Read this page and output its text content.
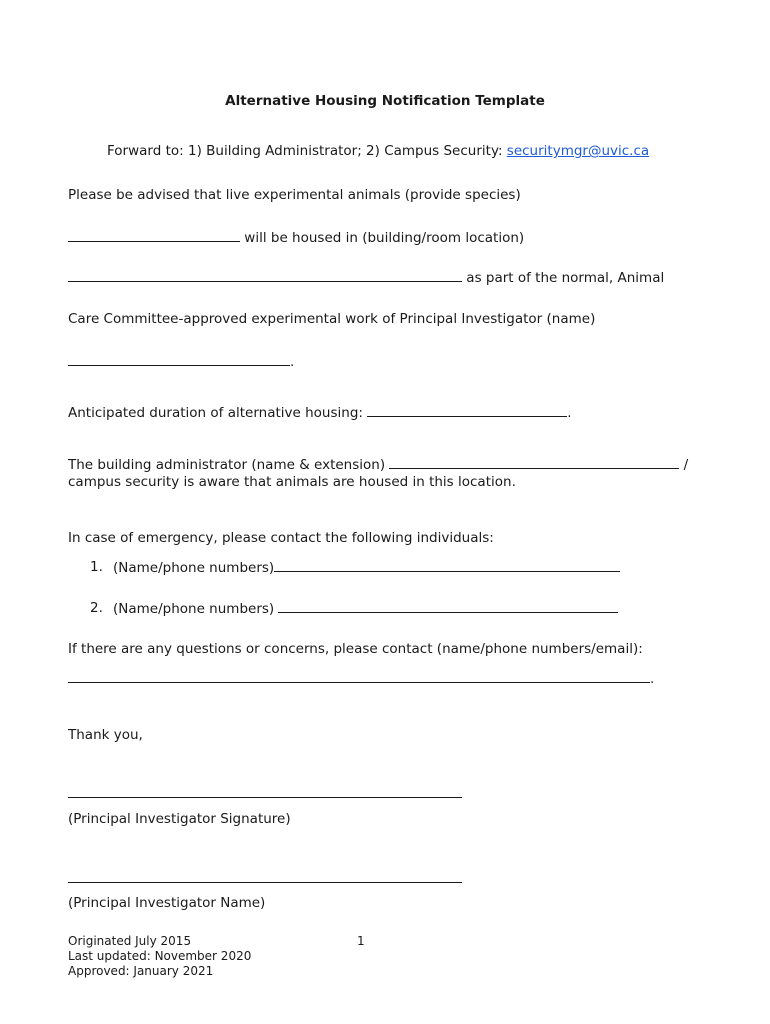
Alternative Housing Notification Template
Forward to: 1) Building Administrator; 2) Campus Security: securitymgr@uvic.ca
Please be advised that live experimental animals (provide species)
will be housed in (building/room location)
as part of the normal, Animal
Care Committee-approved experimental work of Principal Investigator (name)
.
Anticipated duration of alternative housing:	.
The building administrator (name & extension)	/
campus security is aware that animals are housed in this location.
In case of emergency, please contact the following individuals:
1. (Name/phone numbers)
2. (Name/phone numbers)
If there are any questions or concerns, please contact (name/phone numbers/email):
.
Thank you,
(Principal Investigator Signature)
(Principal Investigator Name)
Originated July 2015
Last updated: November 2020
Approved: January 2021
1
